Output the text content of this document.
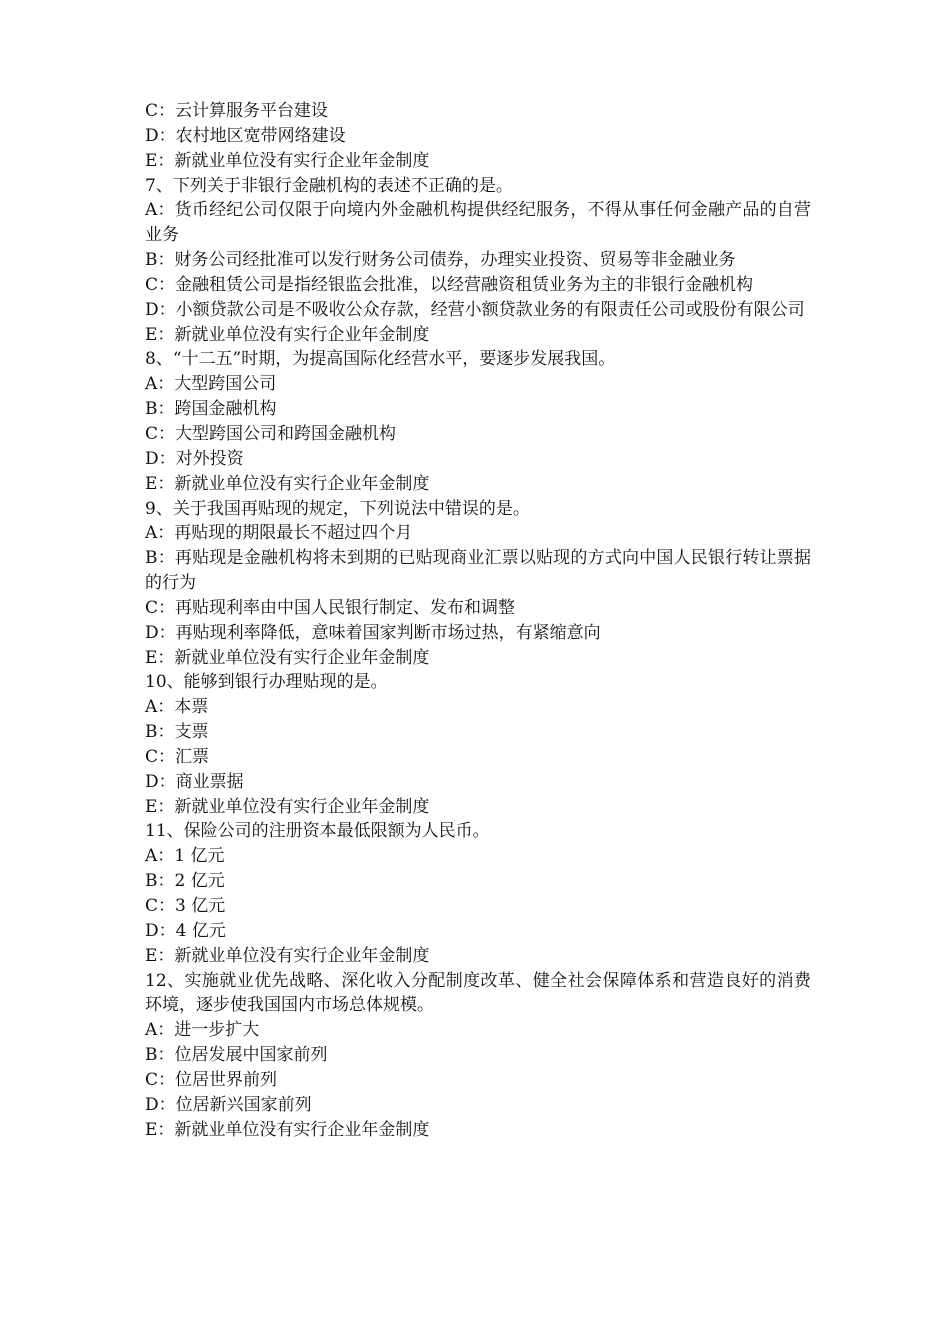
C：云计算服务平台建设

D：农村地区宽带网络建设

E：新就业单位没有实行企业年金制度

7、下列关于非银行金融机构的表述不正确的是。

A：货币经纪公司仅限于向境内外金融机构提供经纪服务，不得从事任何金融产品的自营业务

B：财务公司经批准可以发行财务公司债券，办理实业投资、贸易等非金融业务

C：金融租赁公司是指经银监会批准，以经营融资租赁业务为主的非银行金融机构

D：小额贷款公司是不吸收公众存款，经营小额贷款业务的有限责任公司或股份有限公司

E：新就业单位没有实行企业年金制度

8、“十二五”时期，为提高国际化经营水平，要逐步发展我国。

A：大型跨国公司

B：跨国金融机构

C：大型跨国公司和跨国金融机构

D：对外投资

E：新就业单位没有实行企业年金制度

9、关于我国再贴现的规定，下列说法中错误的是。

A：再贴现的期限最长不超过四个月

B：再贴现是金融机构将未到期的已贴现商业汇票以贴现的方式向中国人民银行转让票据的行为

C：再贴现利率由中国人民银行制定、发布和调整

D：再贴现利率降低，意味着国家判断市场过热，有紧缩意向

E：新就业单位没有实行企业年金制度

10、能够到银行办理贴现的是。

A：本票

B：支票

C：汇票

D：商业票据

E：新就业单位没有实行企业年金制度

11、保险公司的注册资本最低限额为人民币。

A：1 亿元

B：2 亿元

C：3 亿元

D：4 亿元

E：新就业单位没有实行企业年金制度

12、实施就业优先战略、深化收入分配制度改革、健全社会保障体系和营造良好的消费环境，逐步使我国国内市场总体规模。

A：进一步扩大

B：位居发展中国家前列

C：位居世界前列

D：位居新兴国家前列

E：新就业单位没有实行企业年金制度
